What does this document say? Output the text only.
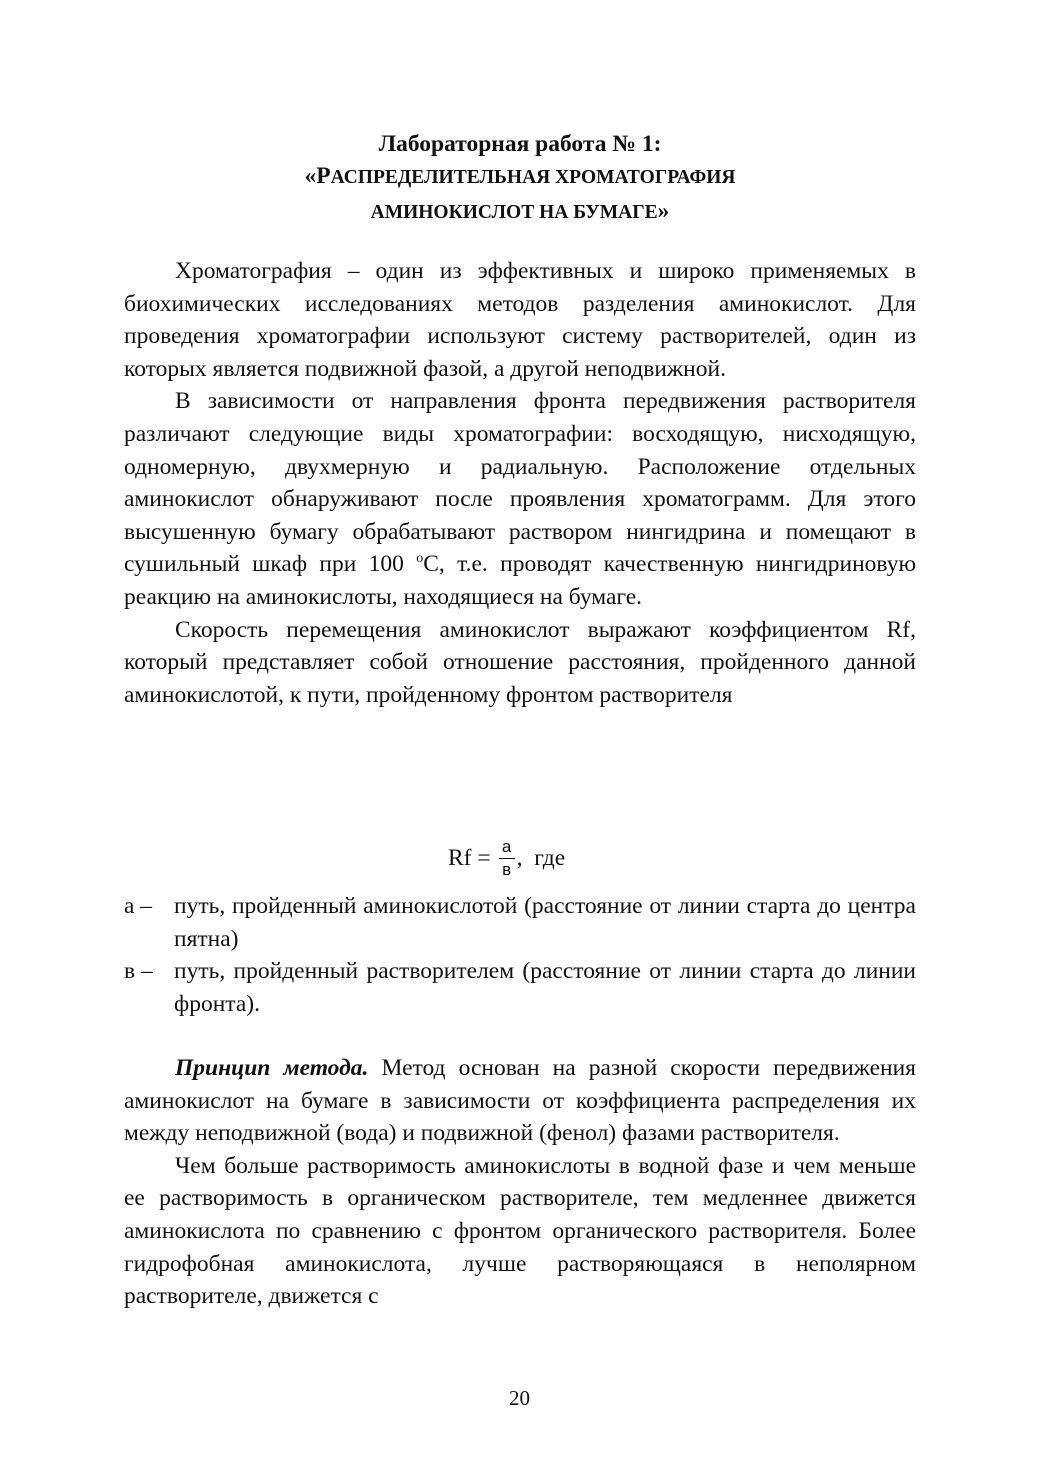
Лабораторная работа № 1:
«РАСПРЕДЕЛИТЕЛЬНАЯ ХРОМАТОГРАФИЯ
АМИНОКИСЛОТ НА БУМАГЕ»

Хроматография – один из эффективных и широко применяемых в биохимических исследованиях методов разделения аминокислот. Для проведения хроматографии используют систему растворителей, один из которых является подвижной фазой, а другой неподвижной.

В зависимости от направления фронта передвижения растворителя различают следующие виды хроматографии: восходящую, нисходящую, одномерную, двухмерную и радиальную. Расположение отдельных аминокислот обнаруживают после проявления хроматограмм. Для этого высушенную бумагу обрабатывают раствором нингидрина и помещают в сушильный шкаф при 100 $^o$С, т.е. проводят качественную нингидриновую реакцию на аминокислоты, находящиеся на бумаге.

Скорость перемещения аминокислот выражают коэффициентом Rf, который представляет собой отношение расстояния, пройденного данной аминокислотой, к пути, пройденному фронтом растворителя

$Rf = \frac{а}{в}$ ,  где
а – путь, пройденный аминокислотой (расстояние от линии старта до центра пятна)
в – путь, пройденный растворителем (расстояние от линии старта до линии фронта).

Принцип метода. Метод основан на разной скорости передвижения аминокислот на бумаге в зависимости от коэффициента распределения их между неподвижной (вода) и подвижной (фенол) фазами растворителя.

Чем больше растворимость аминокислоты в водной фазе и чем меньше ее растворимость в органическом растворителе, тем медленнее движется аминокислота по сравнению с фронтом органического растворителя. Более гидрофобная аминокислота, лучше растворяющаяся в неполярном растворителе, движется с

20
